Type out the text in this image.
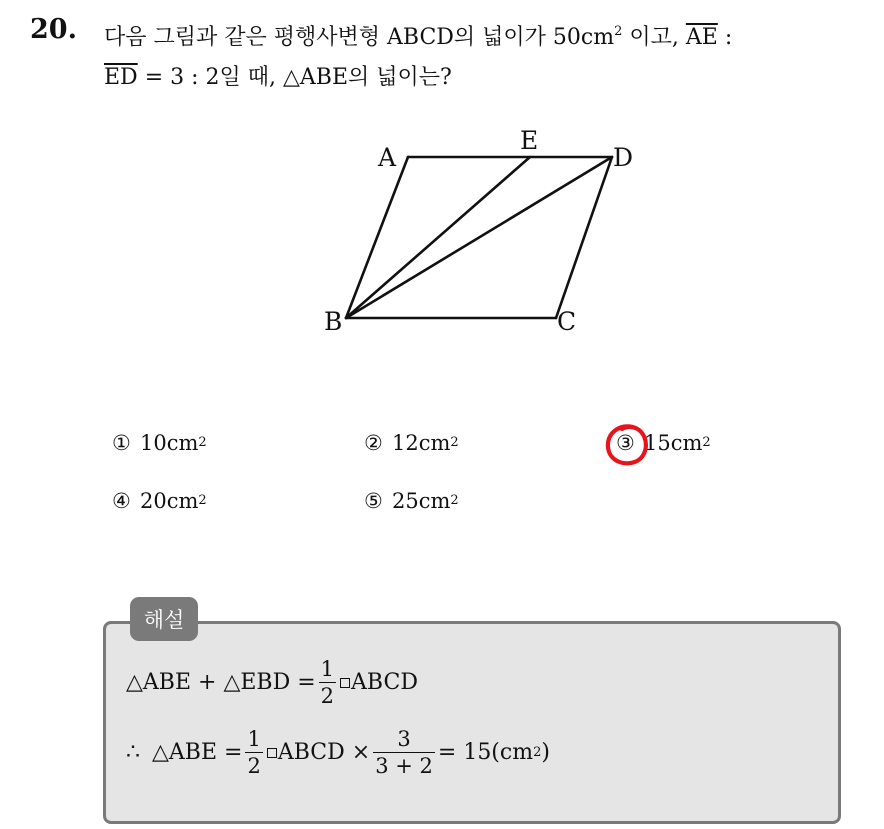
20. 다음 그림과 같은 평행사변형 ABCD의 넓이가 $50cm^2$ 이고, $\overline{AE}$ :
$\overline{ED} = 3$ : 2일 때, △ABE의 넓이는?
A
E
D
B	C
① 10cm 2	② 12cm 2	③ 15cm 2
④ 20cm 2	⑤ 25cm 2
해설
△ABE + △EBD = $\frac{1}{2}$ ABCD
∴ △ABE = $\frac{1}{2}$ ABCD × $\frac{3}{3 + 2} = 15(cm$ 2 )
